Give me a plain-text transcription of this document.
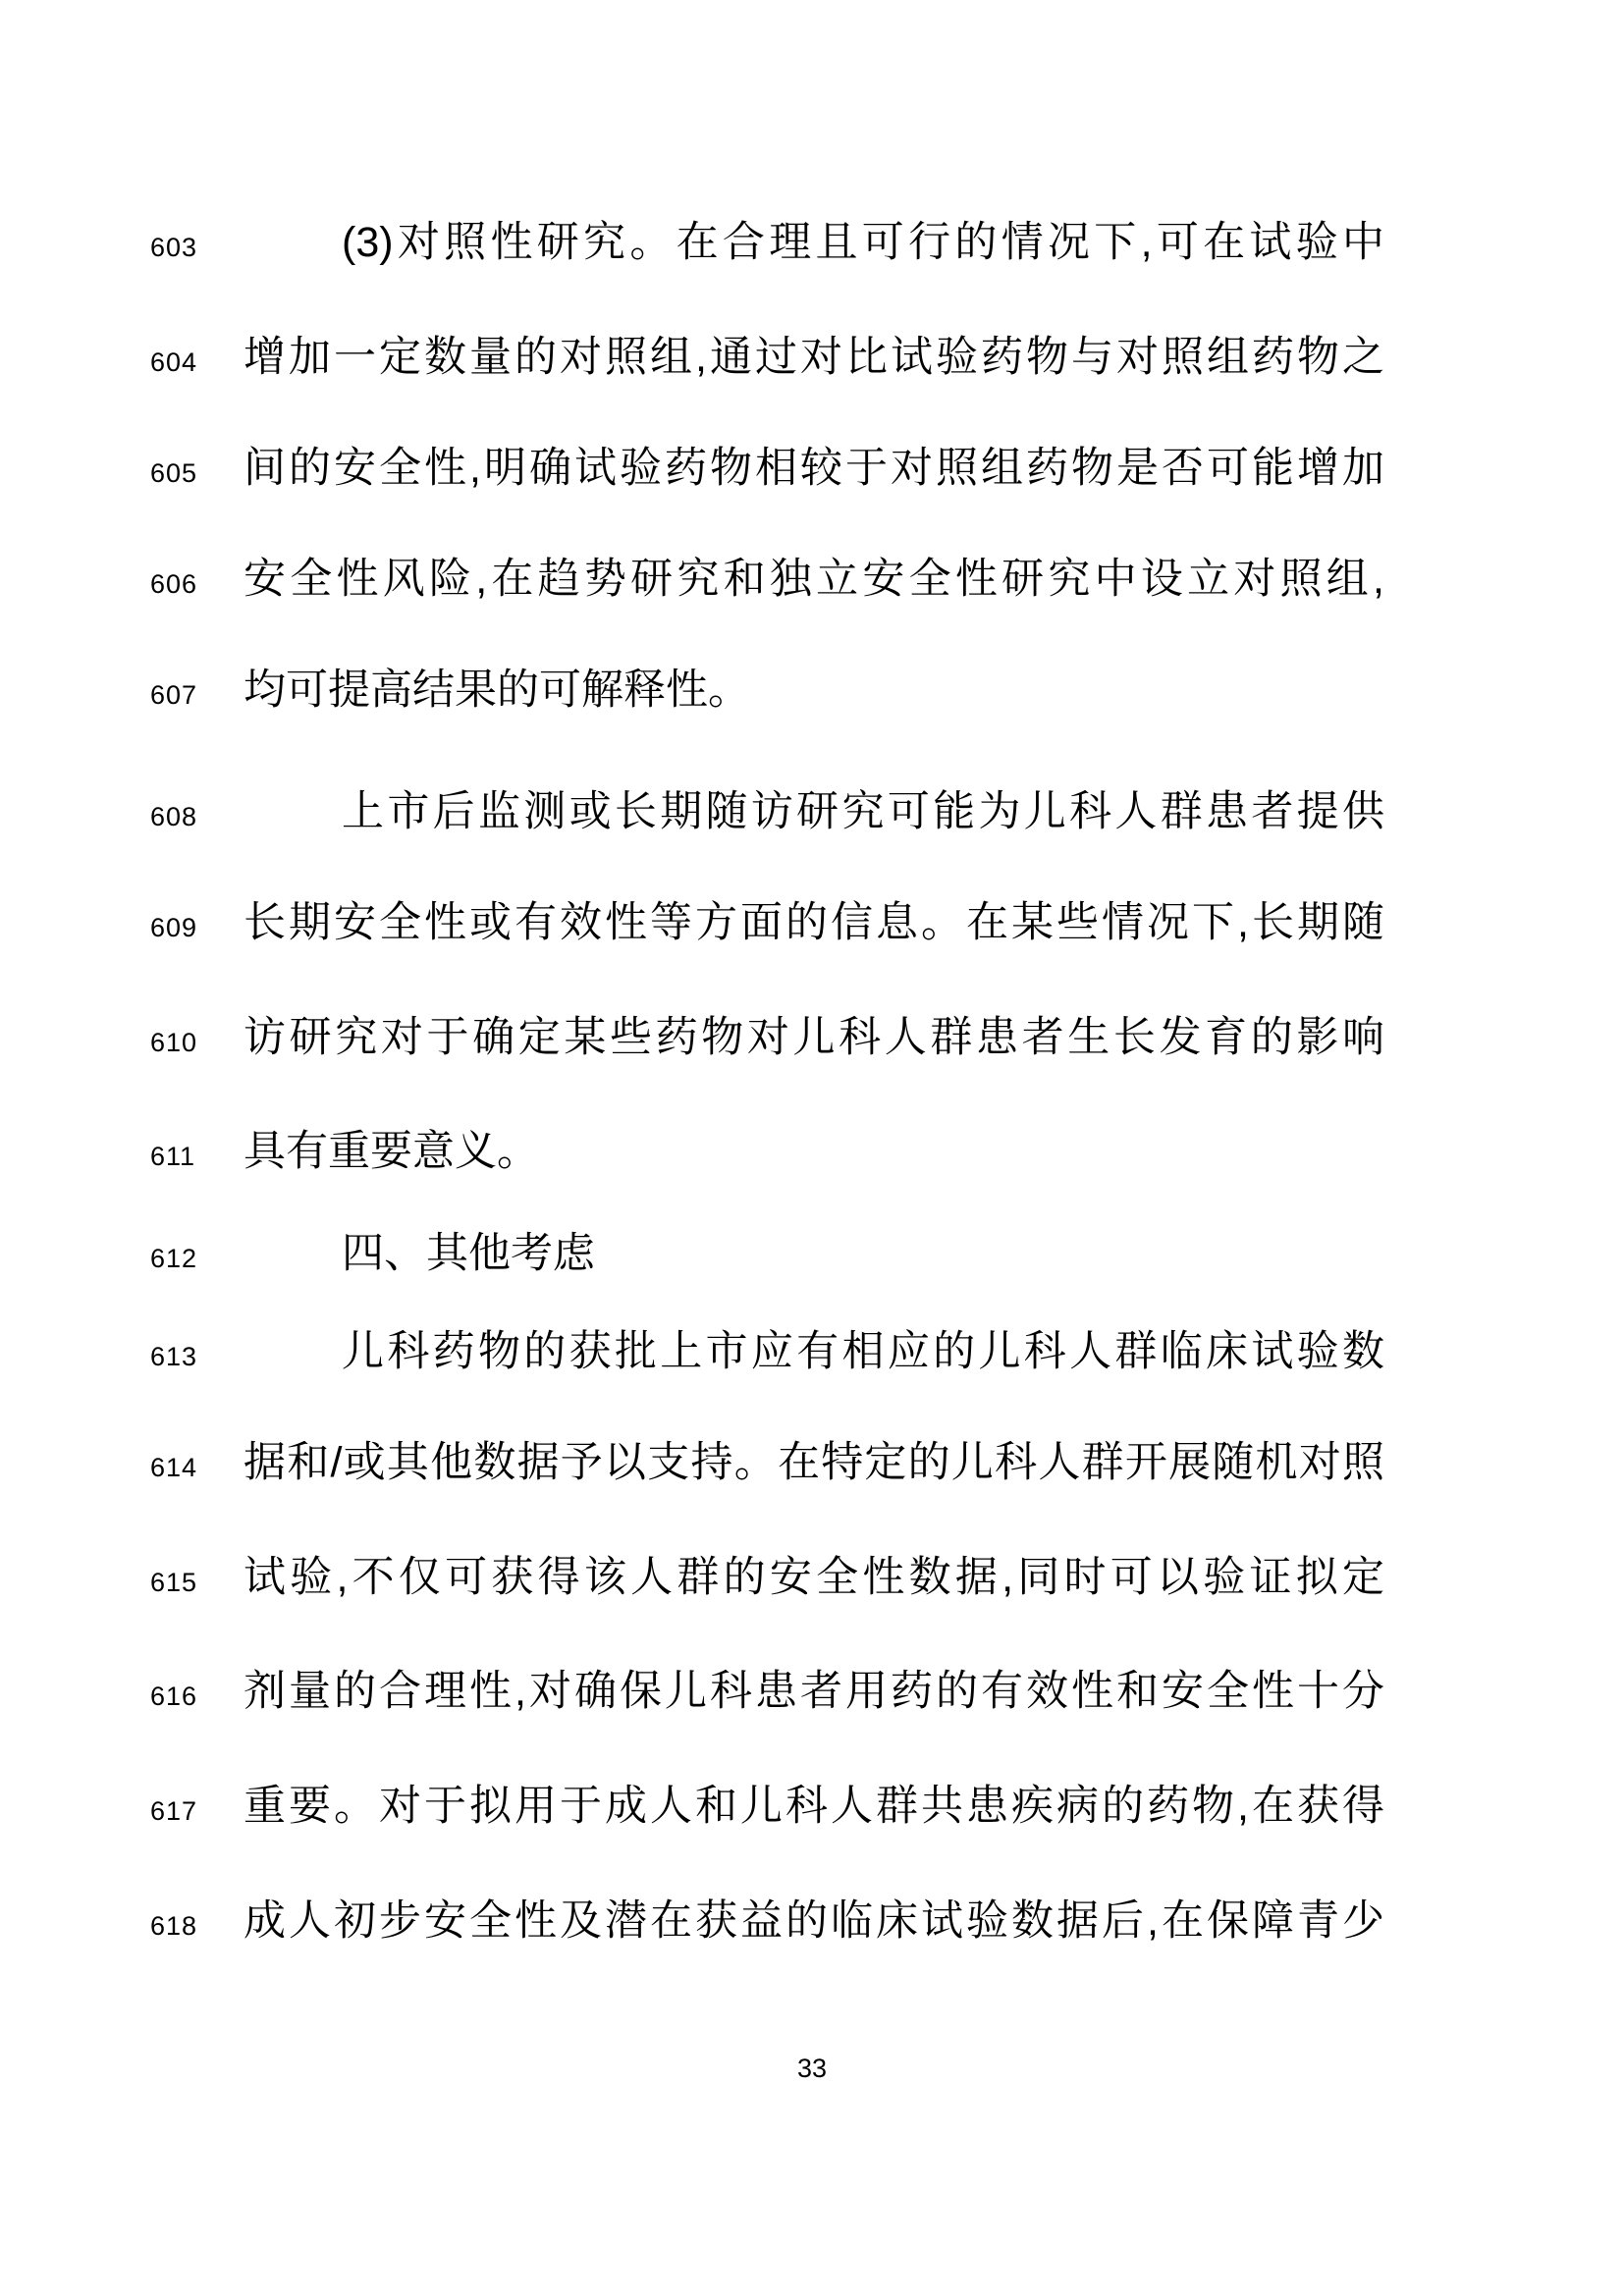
603	(3)对照性研究。在合理且可行的情况下,可在试验中
604	增加一定数量的对照组,通过对比试验药物与对照组药物之
605	间的安全性,明确试验药物相较于对照组药物是否可能增加
606	安全性风险,在趋势研究和独立安全性研究中设立对照组,
607	均可提高结果的可解释性。
608	上市后监测或长期随访研究可能为儿科人群患者提供
609	长期安全性或有效性等方面的信息。在某些情况下,长期随
610	访研究对于确定某些药物对儿科人群患者生长发育的影响
611	具有重要意义。
612	四、其他考虑
613	儿科药物的获批上市应有相应的儿科人群临床试验数
614	据和/或其他数据予以支持。在特定的儿科人群开展随机对照
615	试验,不仅可获得该人群的安全性数据,同时可以验证拟定
616	剂量的合理性,对确保儿科患者用药的有效性和安全性十分
617	重要。对于拟用于成人和儿科人群共患疾病的药物,在获得
618	成人初步安全性及潜在获益的临床试验数据后,在保障青少
33
